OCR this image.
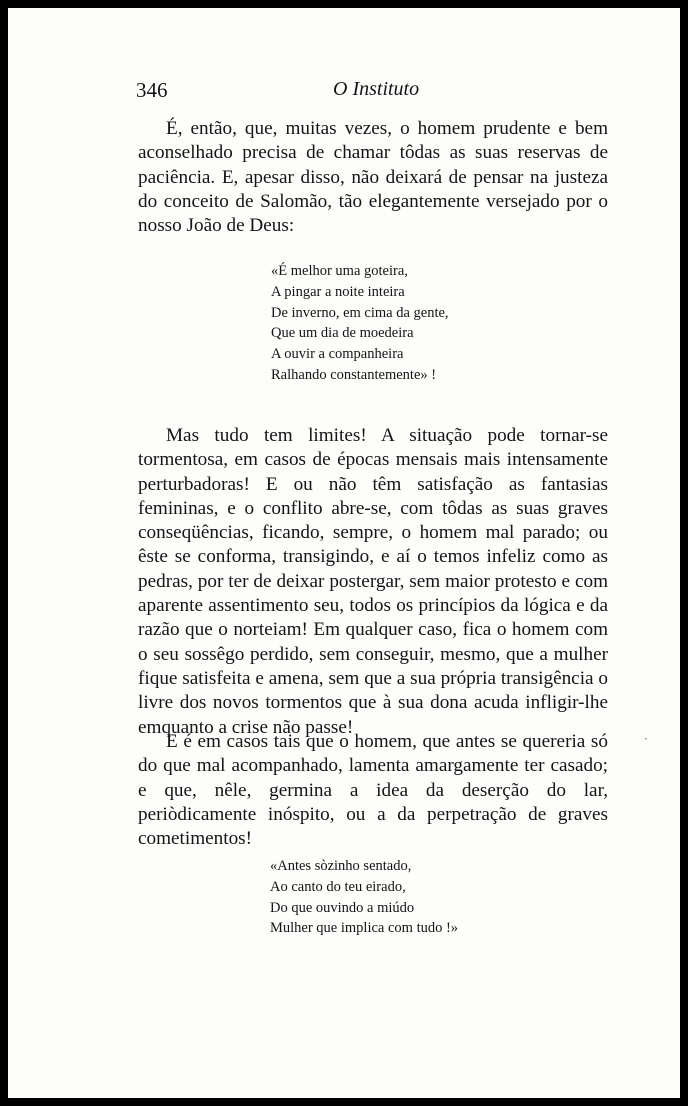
346	O Instituto

É, então, que, muitas vezes, o homem prudente e bem aconselhado precisa de chamar tôdas as suas reservas de paciência. E, apesar disso, não deixará de pensar na justeza do conceito de Salomão, tão elegantemente versejado por o nosso João de Deus:

«É melhor uma goteira,
A pingar a noite inteira
De inverno, em cima da gente,
Que um dia de moedeira
A ouvir a companheira
Ralhando constantemente» !

Mas tudo tem limites! A situação pode tornar-se tormentosa, em casos de épocas mensais mais intensamente perturbadoras! E ou não têm satisfação as fantasias femininas, e o conflito abre-se, com tôdas as suas graves conseqüências, ficando, sempre, o homem mal parado; ou êste se conforma, transigindo, e aí o temos infeliz como as pedras, por ter de deixar postergar, sem maior protesto e com aparente assentimento seu, todos os princípios da lógica e da razão que o norteiam! Em qualquer caso, fica o homem com o seu sossêgo perdido, sem conseguir, mesmo, que a mulher fique satisfeita e amena, sem que a sua própria transigência o livre dos novos tormentos que à sua dona acuda infligir-lhe emquanto a crise não passe!

E é em casos tais que o homem, que antes se quereria só do que mal acompanhado, lamenta amargamente ter casado; e que, nêle, germina a idea da deserção do lar, periòdicamente inóspito, ou a da perpetração de graves cometimentos!

·
«Antes sòzinho sentado,
Ao canto do teu eirado,
Do que ouvindo a miúdo
Mulher que implica com tudo !»
